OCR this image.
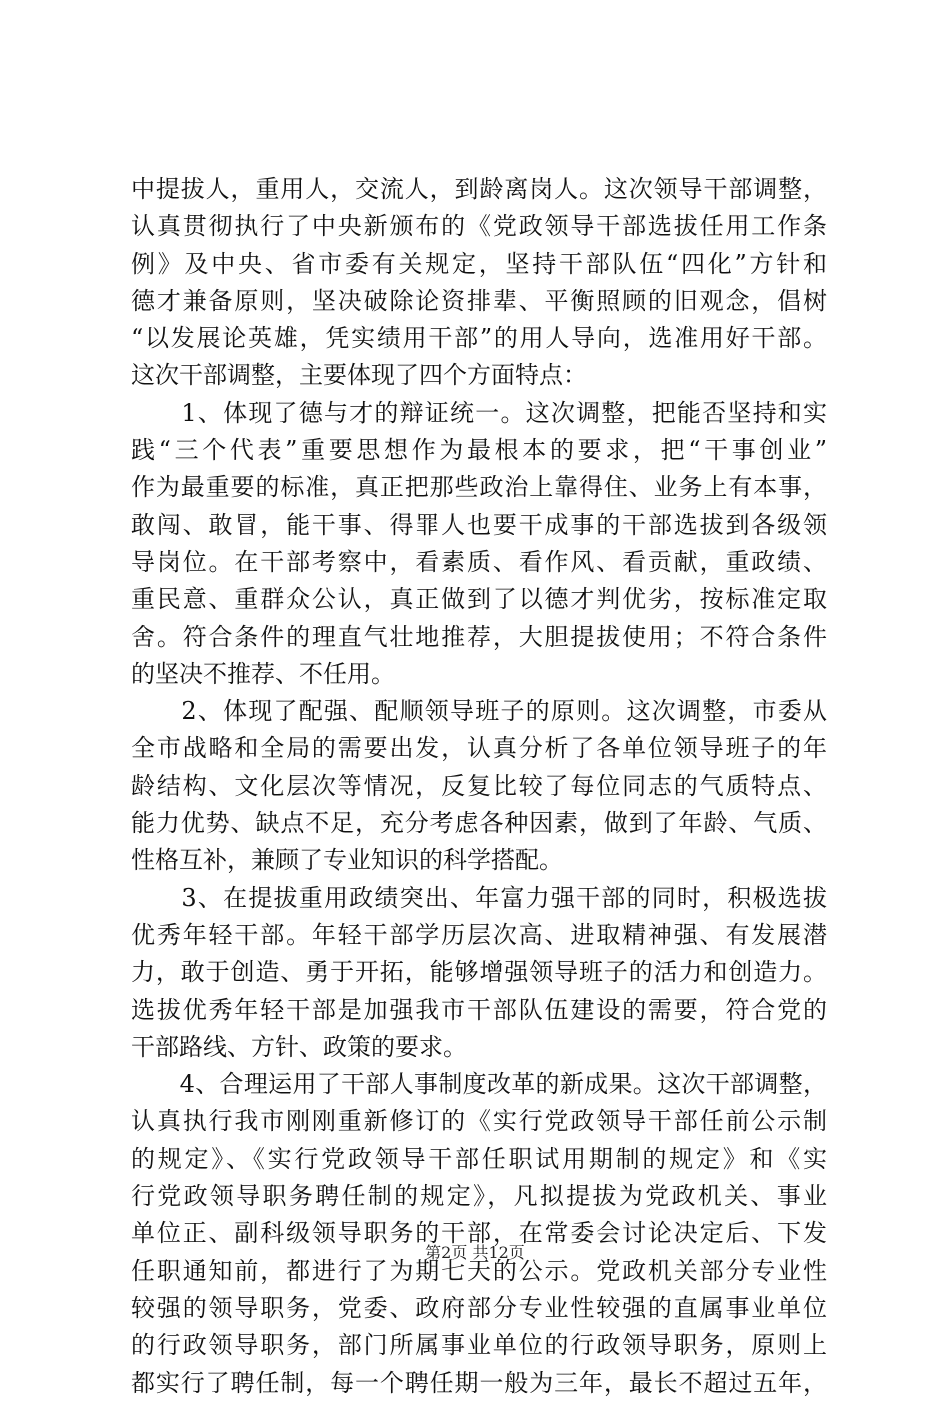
中提拔人，重用人，交流人，到龄离岗人。这次领导干部调整，
认真贯彻执行了中央新颁布的《党政领导干部选拔任用工作条
例》及中央、省市委有关规定，坚持干部队伍“四化”方针和
德才兼备原则，坚决破除论资排辈、平衡照顾的旧观念，倡树
“以发展论英雄，凭实绩用干部”的用人导向，选准用好干部。
这次干部调整，主要体现了四个方面特点：
　　1、体现了德与才的辩证统一。这次调整，把能否坚持和实
践“三个代表”重要思想作为最根本的要求，把“干事创业”
作为最重要的标准，真正把那些政治上靠得住、业务上有本事，
敢闯、敢冒，能干事、得罪人也要干成事的干部选拔到各级领
导岗位。在干部考察中，看素质、看作风、看贡献，重政绩、
重民意、重群众公认，真正做到了以德才判优劣，按标准定取
舍。符合条件的理直气壮地推荐，大胆提拔使用；不符合条件
的坚决不推荐、不任用。
　　2、体现了配强、配顺领导班子的原则。这次调整，市委从
全市战略和全局的需要出发，认真分析了各单位领导班子的年
龄结构、文化层次等情况，反复比较了每位同志的气质特点、
能力优势、缺点不足，充分考虑各种因素，做到了年龄、气质、
性格互补，兼顾了专业知识的科学搭配。
　　3、在提拔重用政绩突出、年富力强干部的同时，积极选拔
优秀年轻干部。年轻干部学历层次高、进取精神强、有发展潜
力，敢于创造、勇于开拓，能够增强领导班子的活力和创造力。
选拔优秀年轻干部是加强我市干部队伍建设的需要，符合党的
干部路线、方针、政策的要求。
　　4、合理运用了干部人事制度改革的新成果。这次干部调整，
认真执行我市刚刚重新修订的《实行党政领导干部任前公示制
的规定》、《实行党政领导干部任职试用期制的规定》和《实
行党政领导职务聘任制的规定》，凡拟提拔为党政机关、事业
单位正、副科级领导职务的干部，在常委会讨论决定后、下发
任职通知前，都进行了为期七天的公示。党政机关部分专业性
较强的领导职务，党委、政府部分专业性较强的直属事业单位
的行政领导职务，部门所属事业单位的行政领导职务，原则上
都实行了聘任制，每一个聘任期一般为三年，最长不超过五年，
第2页 共12页
